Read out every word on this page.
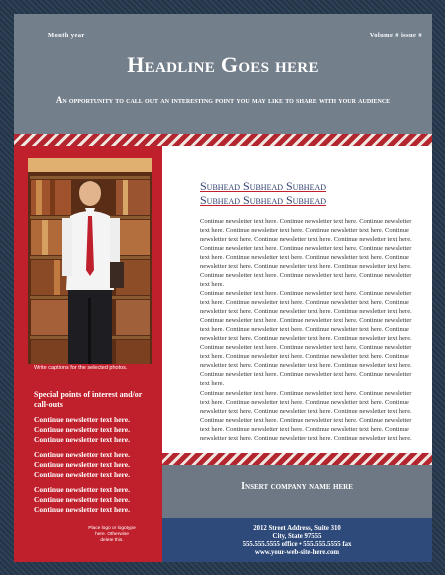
Month year	Volume # issue #
Headline Goes here
An opportunity to call out an interesting point you may like to share with your audience
Write captions for the selected photos.
Special points of interest and/or call-outs
Continue newsletter text here.
Continue newsletter text here.
Continue newsletter text here.
Continue newsletter text here.
Continue newsletter text here.
Continue newsletter text here.
Continue newsletter text here.
Continue newsletter text here.
Continue newsletter text here.
Place logo or logotype here. Otherwise delete this.
Subhead Subhead Subhead
Subhead Subhead Subhead

Continue newsletter text here. Continue newsletter text here. Continue newsletter text here. Continue newsletter text here. Continue newsletter text here. Continue newsletter text here. Continue newsletter text here. Continue newsletter text here. Continue newsletter text here. Continue newsletter text here. Continue newsletter text here. Continue newsletter text here. Continue newsletter text here. Continue newsletter text here. Continue newsletter text here. Continue newsletter text here. Continue newsletter text here. Continue newsletter text here. Continue newsletter text here.

Continue newsletter text here. Continue newsletter text here. Continue newsletter text here. Continue newsletter text here. Continue newsletter text here. Continue newsletter text here. Continue newsletter text here. Continue newsletter text here. Continue newsletter text here. Continue newsletter text here. Continue newsletter text here. Continue newsletter text here. Continue newsletter text here. Continue newsletter text here. Continue newsletter text here. Continue newsletter text here. Continue newsletter text here. Continue newsletter text here. Continue newsletter text here. Continue newsletter text here. Continue newsletter text here. Continue newsletter text here. Continue newsletter text here. Continue newsletter text here. Continue newsletter text here. Continue newsletter text here. Continue newsletter text here.

Continue newsletter text here. Continue newsletter text here. Continue newsletter text here. Continue newsletter text here. Continue newsletter text here. Continue newsletter text here. Continue newsletter text here. Continue newsletter text here. Continue newsletter text here. Continue newsletter text here. Continue newsletter text here. Continue newsletter text here. Continue newsletter text here. Continue newsletter text here. Continue newsletter text here. Continue newsletter text here.

Insert company name here
2012 Street Address, Suite 310
City, State 97555
555.555.5555 office • 555.555.5555 fax
www.your-web-site-here.com
